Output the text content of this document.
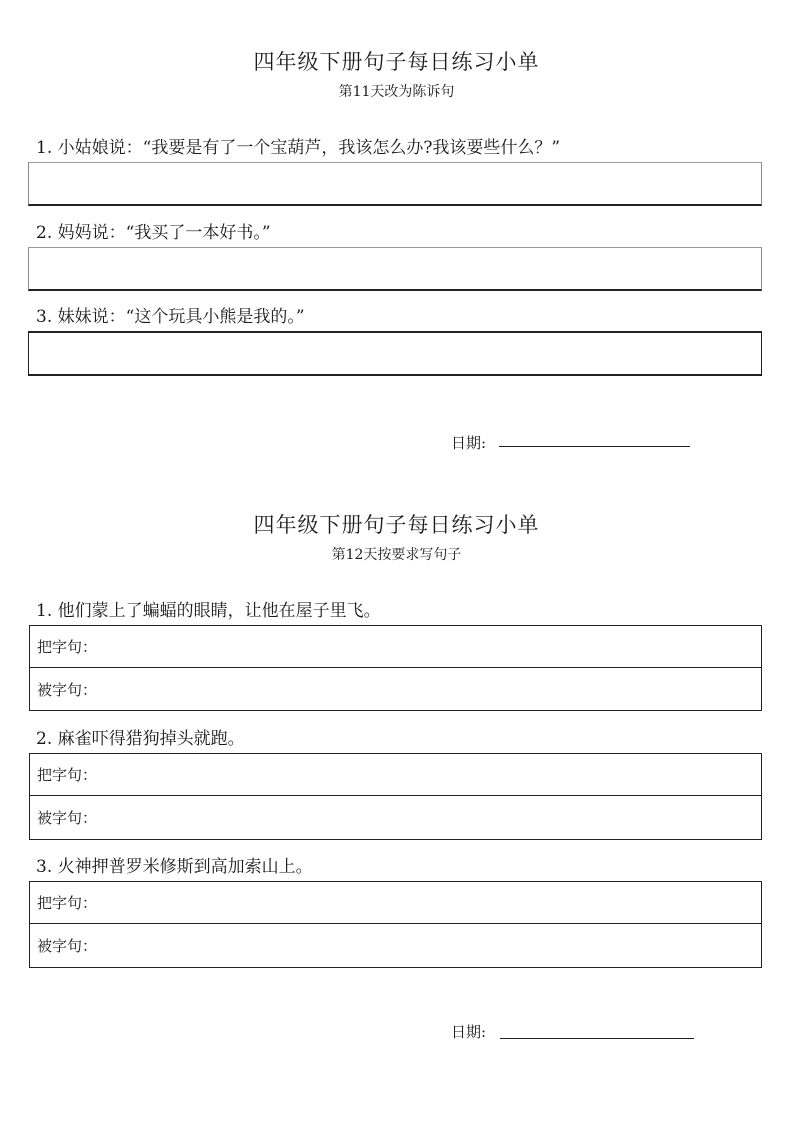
四年级下册句子每日练习小单
第11天改为陈诉句
1. 小姑娘说：“我要是有了一个宝葫芦，我该怎么办?我该要些什么？”
2. 妈妈说：“我买了一本好书。”
3. 妹妹说：“这个玩具小熊是我的。”
日期:
四年级下册句子每日练习小单
第12天按要求写句子
1. 他们蒙上了蝙蝠的眼睛，让他在屋子里飞。
把字句：
被字句：
2. 麻雀吓得猎狗掉头就跑。
把字句：
被字句：
3. 火神押普罗米修斯到高加索山上。
把字句：
被字句：
日期:
